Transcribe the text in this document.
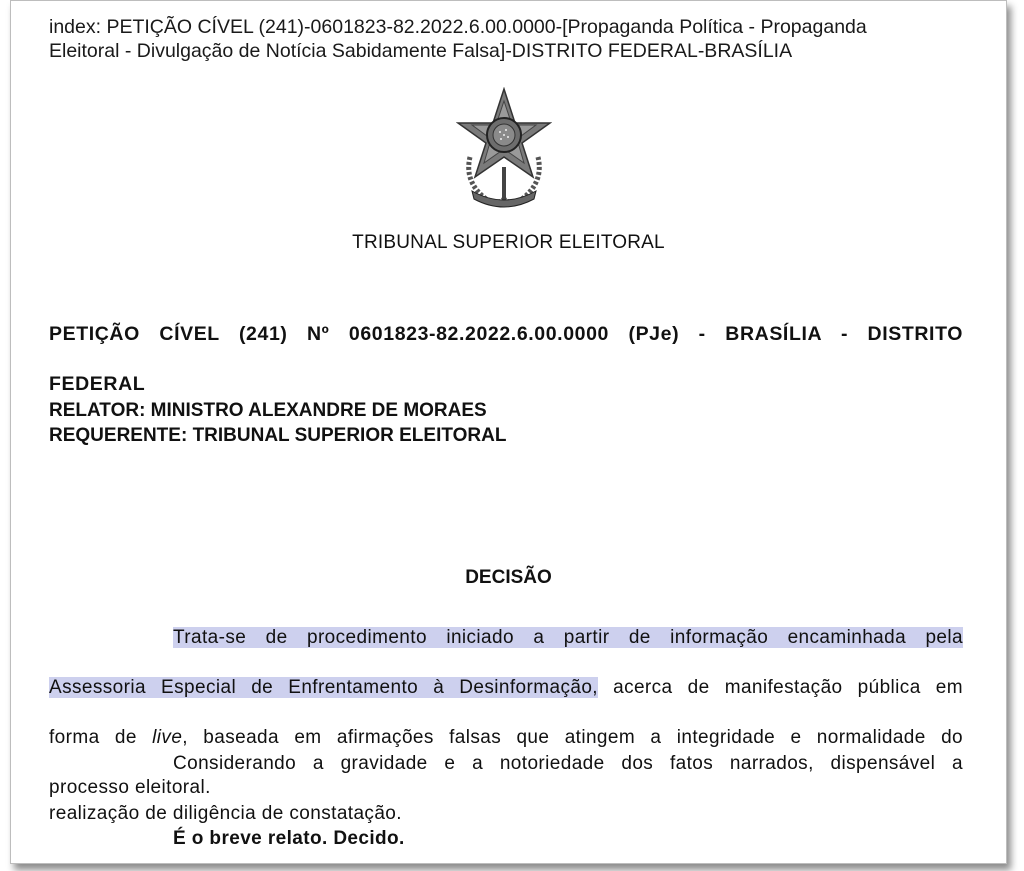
index: PETIÇÃO CÍVEL (241)-0601823-82.2022.6.00.0000-[Propaganda Política - Propaganda
Eleitoral - Divulgação de Notícia Sabidamente Falsa]-DISTRITO FEDERAL-BRASÍLIA
TRIBUNAL SUPERIOR ELEITORAL
PETIÇÃO CÍVEL (241) Nº 0601823-82.2022.6.00.0000 (PJe) - BRASÍLIA - DISTRITO
FEDERAL
RELATOR: MINISTRO ALEXANDRE DE MORAES
REQUERENTE: TRIBUNAL SUPERIOR ELEITORAL
DECISÃO
Trata-se de procedimento iniciado a partir de informação encaminhada pela
Assessoria Especial de Enfrentamento à Desinformação, acerca de manifestação pública em
forma de live, baseada em afirmações falsas que atingem a integridade e normalidade do
processo eleitoral.
Considerando a gravidade e a notoriedade dos fatos narrados, dispensável a
realização de diligência de constatação.
É o breve relato. Decido.
